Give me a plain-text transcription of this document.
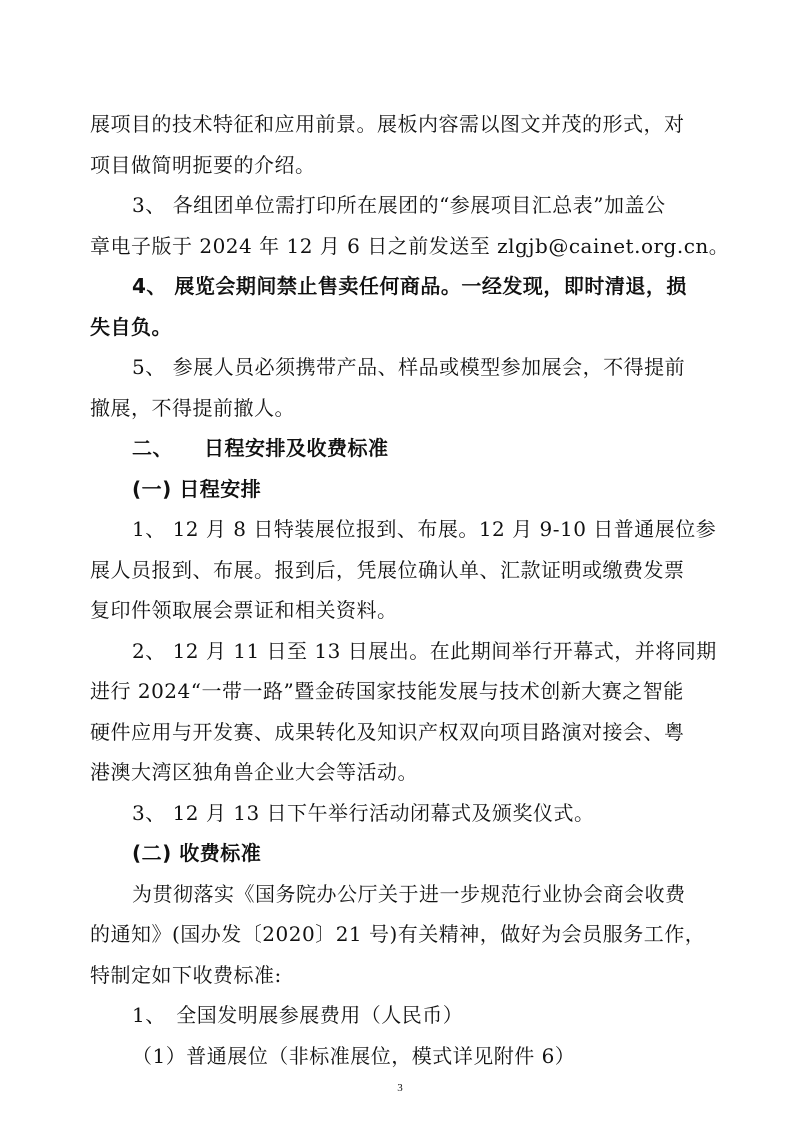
展项目的技术特征和应用前景。展板内容需以图文并茂的形式，对
项目做简明扼要的介绍。
3、 各组团单位需打印所在展团的“参展项目汇总表”加盖公
章电子版于 2024 年 12 月 6 日之前发送至 zlgjb@cainet.org.cn。
4、 展览会期间禁止售卖任何商品。一经发现，即时清退，损
失自负。
5、 参展人员必须携带产品、样品或模型参加展会，不得提前
撤展，不得提前撤人。
二、　　日程安排及收费标准
(一) 日程安排
1、 12 月 8 日特装展位报到、布展。12 月 9-10 日普通展位参
展人员报到、布展。报到后，凭展位确认单、汇款证明或缴费发票
复印件领取展会票证和相关资料。
2、 12 月 11 日至 13 日展出。在此期间举行开幕式，并将同期
进行 2024“一带一路”暨金砖国家技能发展与技术创新大赛之智能
硬件应用与开发赛、成果转化及知识产权双向项目路演对接会、粤
港澳大湾区独角兽企业大会等活动。
3、 12 月 13 日下午举行活动闭幕式及颁奖仪式。
(二) 收费标准
为贯彻落实《国务院办公厅关于进一步规范行业协会商会收费
的通知》(国办发〔2020〕21 号)有关精神，做好为会员服务工作，
特制定如下收费标准:
1、　全国发明展参展费用（人民币）
（1）普通展位（非标准展位，模式详见附件 6）
3
